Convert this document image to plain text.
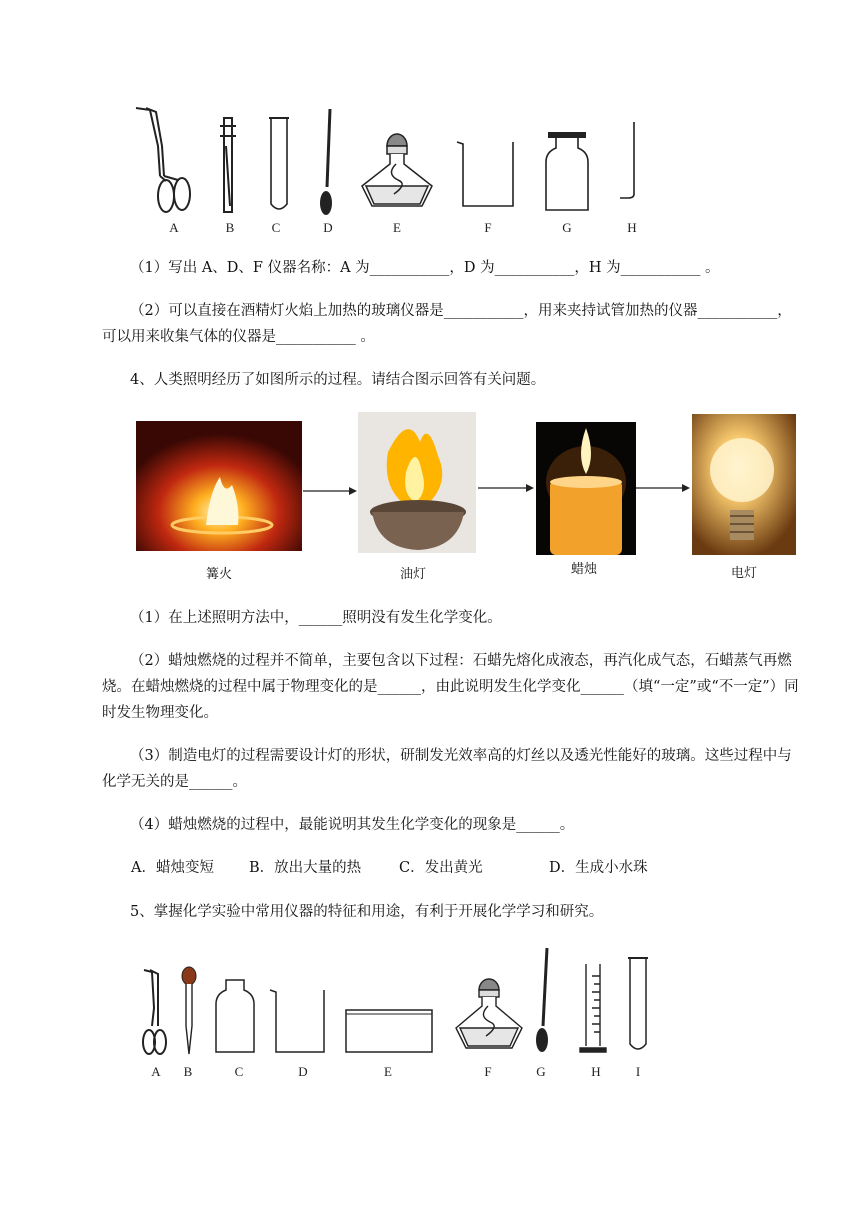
A	B	C	D	E	F	G	H
（1）写出 A、D、F 仪器名称：A 为___________，D 为___________，H 为___________ 。
（2）可以直接在酒精灯火焰上加热的玻璃仪器是___________，用来夹持试管加热的仪器___________，可以用来收集气体的仪器是___________ 。
4、人类照明经历了如图所示的过程。请结合图示回答有关问题。
篝火	油灯	蜡烛	电灯
（1）在上述照明方法中，______照明没有发生化学变化。
（2）蜡烛燃烧的过程并不简单，主要包含以下过程：石蜡先熔化成液态，再汽化成气态，石蜡蒸气再燃烧。在蜡烛燃烧的过程中属于物理变化的是______，由此说明发生化学变化______（填“一定”或“不一定”）同时发生物理变化。
（3）制造电灯的过程需要设计灯的形状，研制发光效率高的灯丝以及透光性能好的玻璃。这些过程中与化学无关的是______。
（4）蜡烛燃烧的过程中，最能说明其发生化学变化的现象是______。
A．蜡烛变短 B．放出大量的热	C．发出黄光	D．生成小水珠
5、掌握化学实验中常用仪器的特征和用途，有利于开展化学学习和研究。
A	B	C	D	E	F	G	H	I
